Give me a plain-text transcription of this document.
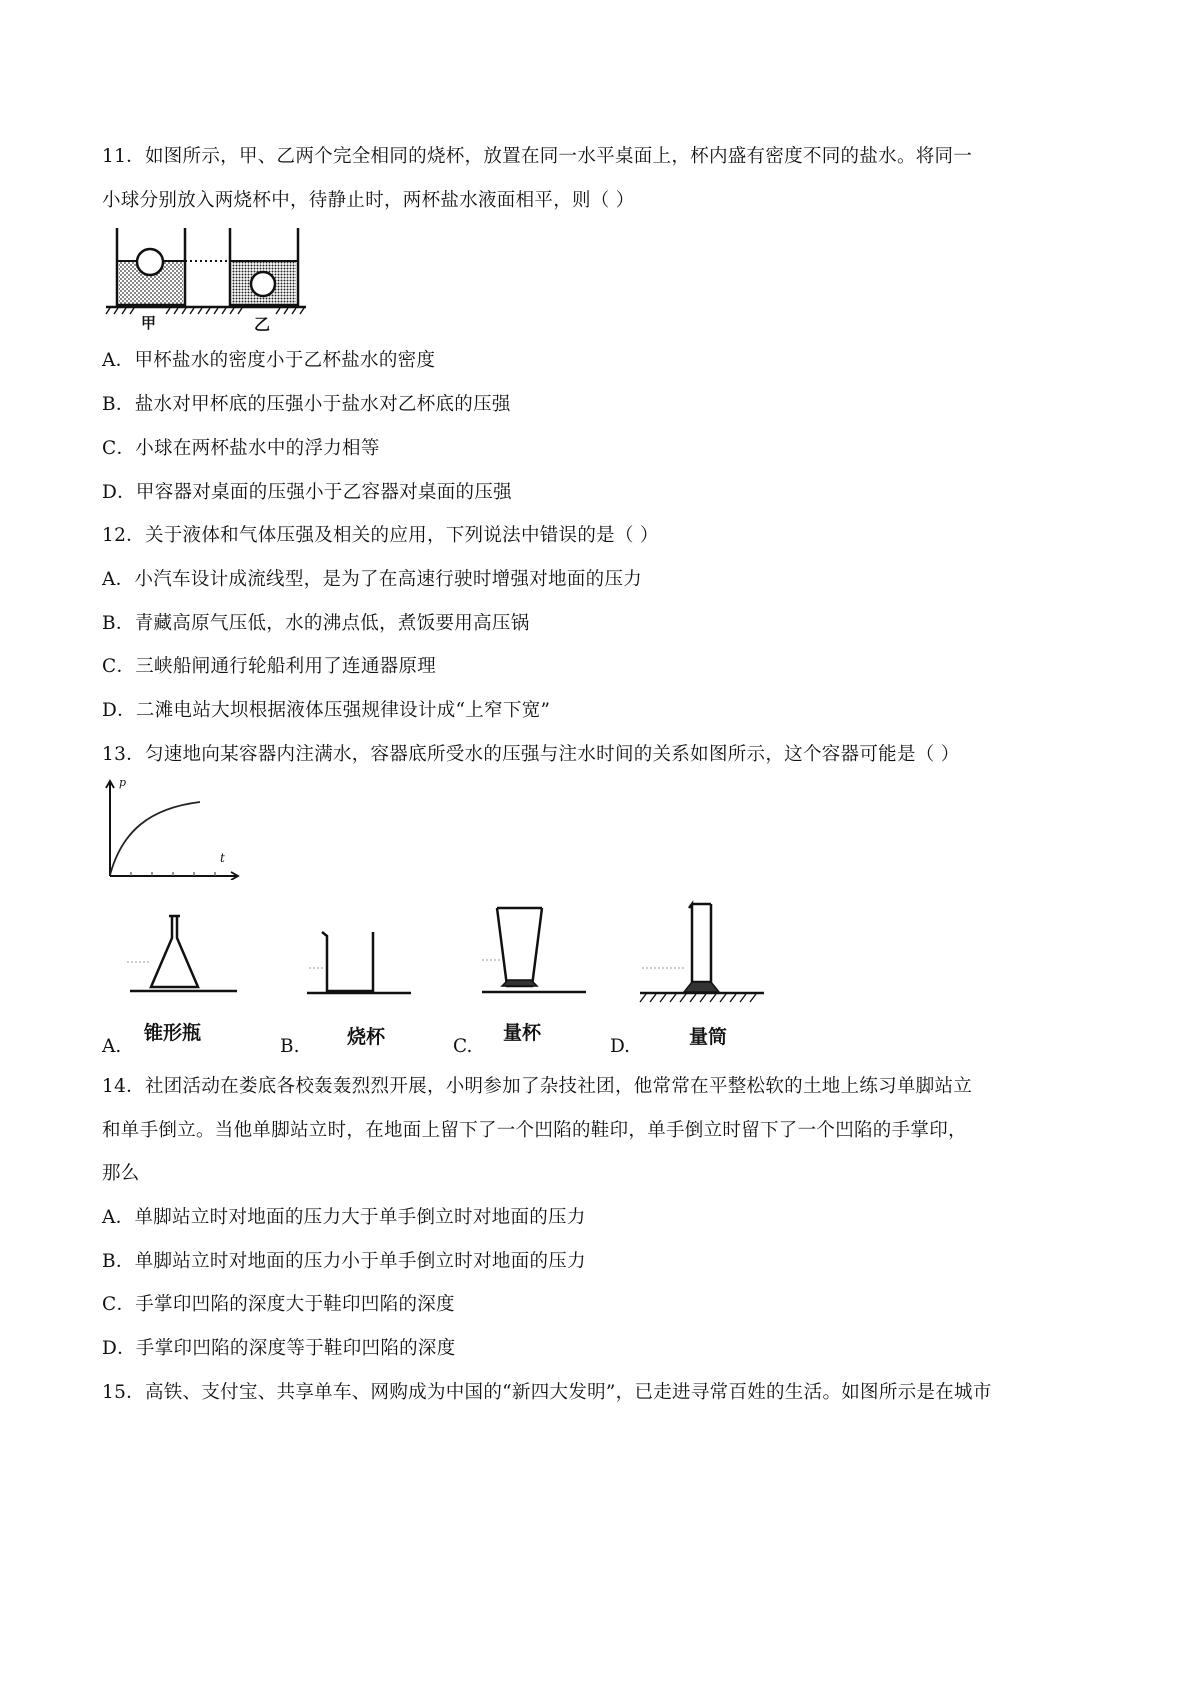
11．如图所示，甲、乙两个完全相同的烧杯，放置在同一水平桌面上，杯内盛有密度不同的盐水。将同一
小球分别放入两烧杯中，待静止时，两杯盐水液面相平，则（ ）
甲	乙
A．甲杯盐水的密度小于乙杯盐水的密度
B．盐水对甲杯底的压强小于盐水对乙杯底的压强
C．小球在两杯盐水中的浮力相等
D．甲容器对桌面的压强小于乙容器对桌面的压强
12．关于液体和气体压强及相关的应用，下列说法中错误的是（ ）
A．小汽车设计成流线型，是为了在高速行驶时增强对地面的压力
B．青藏高原气压低，水的沸点低，煮饭要用高压锅
C．三峡船闸通行轮船利用了连通器原理
D．二滩电站大坝根据液体压强规律设计成“上窄下宽”
13．匀速地向某容器内注满水，容器底所受水的压强与注水时间的关系如图所示，这个容器可能是（ ）
p
t
A.
锥形瓶
B.	烧杯	C.
量杯
D.	量筒
14．社团活动在娄底各校轰轰烈烈开展，小明参加了杂技社团，他常常在平整松软的土地上练习单脚站立
和单手倒立。当他单脚站立时，在地面上留下了一个凹陷的鞋印，单手倒立时留下了一个凹陷的手掌印，
那么
A．单脚站立时对地面的压力大于单手倒立时对地面的压力
B．单脚站立时对地面的压力小于单手倒立时对地面的压力
C．手掌印凹陷的深度大于鞋印凹陷的深度
D．手掌印凹陷的深度等于鞋印凹陷的深度
15．高铁、支付宝、共享单车、网购成为中国的“新四大发明”，已走进寻常百姓的生活。如图所示是在城市
